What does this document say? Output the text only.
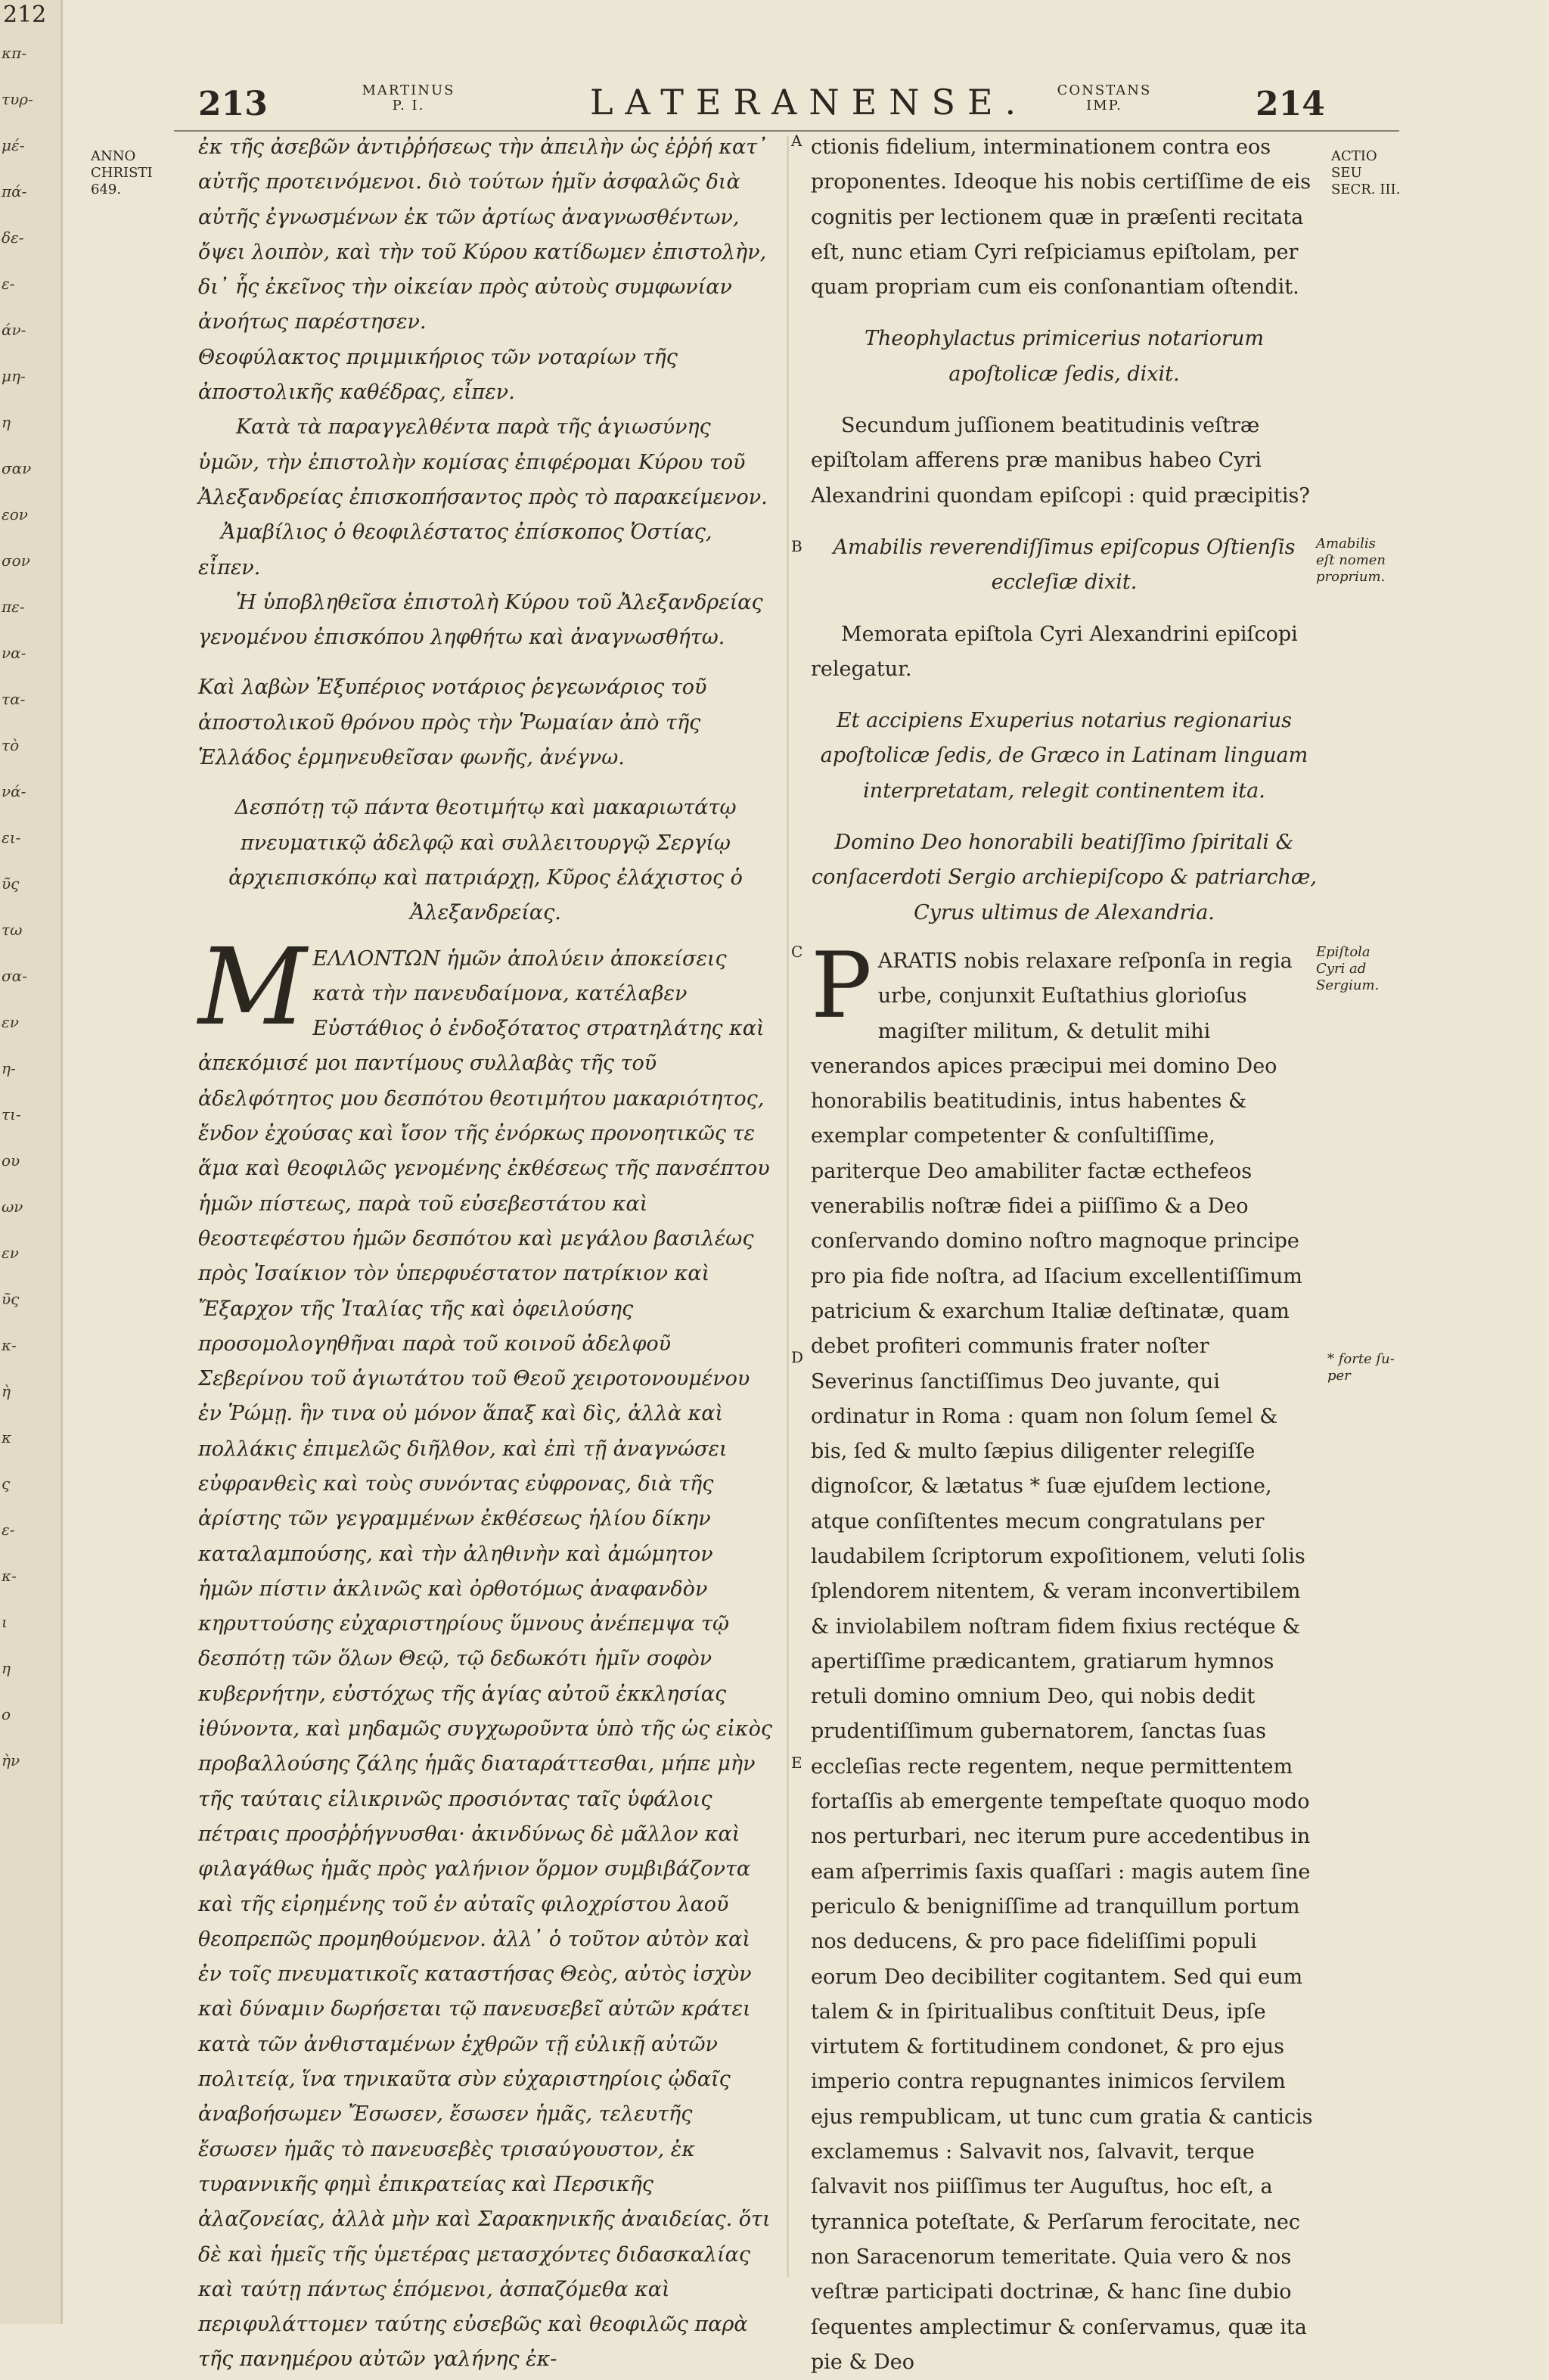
212
κπ-
τυρ-
μέ-
πά-
δε-
ε-
άν-
μη-
η
σαν
εον
σον
πε-
να-
τα-
τὸ
νά-
ει-
ῦς
τω
σα-
εν
η-
τι-
ου
ων
εν
ῦς
κ-
ὴ
κ
ς
ε-
κ-
ι
η
ο
ὴν
213	MARTINUS
P. I.	LATERANENSE.	CONSTANS
IMP.	214
ANNO
CHRISTI
649.
ACTIO
SEU
SECR. III.
Amabilis
eſt nomen
proprium.
Epiſtola
Cyri ad
Sergium.
* forte ſu-
per
A
B
C
D
E

ἐκ τῆς ἀσεβῶν ἀντιῤῥήσεως τὴν ἀπειλὴν ὡς ἐῤῥή κατ᾽ αὐτῆς προτεινόμενοι. διὸ τούτων ἡμῖν ἀσφαλῶς διὰ αὐτῆς ἐγνωσμένων ἐκ τῶν ἀρτίως ἀναγνωσθέντων, ὄψει λοιπὸν, καὶ τὴν τοῦ Κύρου κατίδωμεν ἐπιστολὴν, δι᾽ ἧς ἐκεῖνος τὴν οἰκείαν πρὸς αὐτοὺς συμφωνίαν ἀνοήτως παρέστησεν.

Θεοφύλακτος πριμμικήριος τῶν νοταρίων τῆς ἀποστολικῆς καθέδρας, εἶπεν.

Κατὰ τὰ παραγγελθέντα παρὰ τῆς ἁγιωσύνης ὑμῶν, τὴν ἐπιστολὴν κομίσας ἐπιφέρομαι Κύρου τοῦ Ἀλεξανδρείας ἐπισκοπήσαντος πρὸς τὸ παρακείμενον.

Ἀμαβίλιος ὁ θεοφιλέστατος ἐπίσκοπος Ὀστίας, εἶπεν.

Ἡ ὑποβληθεῖσα ἐπιστολὴ Κύρου τοῦ Ἀλεξανδρείας γενομένου ἐπισκόπου ληφθήτω καὶ ἀναγνωσθήτω.

Καὶ λαβὼν Ἐξυπέριος νοτάριος ῥεγεωνάριος τοῦ ἀποστολικοῦ θρόνου πρὸς τὴν Ῥωμαίαν ἀπὸ τῆς Ἑλλάδος ἑρμηνευθεῖσαν φωνῆς, ἀνέγνω.

Δεσπότῃ τῷ πάντα θεοτιμήτῳ καὶ μακαριωτάτῳ πνευματικῷ ἀδελφῷ καὶ συλλειτουργῷ Σεργίῳ ἀρχιεπισκόπῳ καὶ πατριάρχῃ, Κῦρος ἐλάχιστος ὁ Ἀλεξανδρείας.

MΕΛΛΟΝΤΩΝ ἡμῶν ἀπολύειν ἀποκείσεις κατὰ τὴν πανευδαίμονα, κατέλαβεν Εὐστάθιος ὁ ἐνδοξότατος στρατηλάτης καὶ ἀπεκόμισέ μοι παντίμους συλλαβὰς τῆς τοῦ ἀδελφότητος μου δεσπότου θεοτιμήτου μακαριότητος, ἔνδον ἐχούσας καὶ ἴσον τῆς ἐνόρκως προνοητικῶς τε ἅμα καὶ θεοφιλῶς γενομένης ἐκθέσεως τῆς πανσέπτου ἡμῶν πίστεως, παρὰ τοῦ εὐσεβεστάτου καὶ θεοστεφέστου ἡμῶν δεσπότου καὶ μεγάλου βασιλέως πρὸς Ἰσαίκιον τὸν ὑπερφυέστατον πατρίκιον καὶ Ἔξαρχον τῆς Ἰταλίας τῆς καὶ ὀφειλούσης προσομολογηθῆναι παρὰ τοῦ κοινοῦ ἀδελφοῦ Σεβερίνου τοῦ ἁγιωτάτου τοῦ Θεοῦ χειροτονουμένου ἐν Ῥώμῃ. ἣν τινα οὐ μόνον ἅπαξ καὶ δὶς, ἀλλὰ καὶ πολλάκις ἐπιμελῶς διῆλθον, καὶ ἐπὶ τῇ ἀναγνώσει εὐφρανθεὶς καὶ τοὺς συνόντας εὐφρονας, διὰ τῆς ἀρίστης τῶν γεγραμμένων ἐκθέσεως ἡλίου δίκην καταλαμπούσης, καὶ τὴν ἀληθινὴν καὶ ἀμώμητον ἡμῶν πίστιν ἀκλινῶς καὶ ὀρθοτόμως ἀναφανδὸν κηρυττούσης εὐχαριστηρίους ὕμνους ἀνέπεμψα τῷ δεσπότῃ τῶν ὅλων Θεῷ, τῷ δεδωκότι ἡμῖν σοφὸν κυβερνήτην, εὐστόχως τῆς ἁγίας αὐτοῦ ἐκκλησίας ἰθύνοντα, καὶ μηδαμῶς συγχωροῦντα ὑπὸ τῆς ὡς εἰκὸς προβαλλούσης ζάλης ἡμᾶς διαταράττεσθαι, μήπε μὴν τῆς ταύταις εἰλικρινῶς προσιόντας ταῖς ὑφάλοις πέτραις προσῤῥήγνυσθαι· ἀκινδύνως δὲ μᾶλλον καὶ φιλαγάθως ἡμᾶς πρὸς γαλήνιον ὅρμον συμβιβάζοντα καὶ τῆς εἰρημένης τοῦ ἐν αὐταῖς φιλοχρίστου λαοῦ θεοπρεπῶς προμηθούμενον. ἀλλ᾽ ὁ τοῦτον αὐτὸν καὶ ἐν τοῖς πνευματικοῖς καταστήσας Θεὸς, αὐτὸς ἰσχὺν καὶ δύναμιν δωρήσεται τῷ πανευσεβεῖ αὐτῶν κράτει κατὰ τῶν ἀνθισταμένων ἐχθρῶν τῇ εὐλικῇ αὐτῶν πολιτείᾳ, ἵνα τηνικαῦτα σὺν εὐχαριστηρίοις ᾠδαῖς ἀναβοήσωμεν Ἔσωσεν, ἔσωσεν ἡμᾶς, τελευτῆς ἔσωσεν ἡμᾶς τὸ πανευσεβὲς τρισαύγουστον, ἐκ τυραννικῆς φημὶ ἐπικρατείας καὶ Περσικῆς ἀλαζονείας, ἀλλὰ μὴν καὶ Σαρακηνικῆς ἀναιδείας. ὅτι δὲ καὶ ἡμεῖς τῆς ὑμετέρας μετασχόντες διδασκαλίας καὶ ταύτῃ πάντως ἑπόμενοι, ἀσπαζόμεθα καὶ περιφυλάττομεν ταύτης εὐσεβῶς καὶ θεοφιλῶς παρὰ τῆς πανημέρου αὐτῶν γαλήνης ἐκ-

ctionis fidelium, interminationem contra eos proponentes. Ideoque his nobis certiſſime de eis cognitis per lectionem quæ in præſenti recitata eſt, nunc etiam Cyri reſpiciamus epiſtolam, per quam propriam cum eis conſonantiam oſtendit.

Theophylactus primicerius notariorum apoſtolicæ ſedis, dixit.

Secundum juſſionem beatitudinis veſtræ epiſtolam afferens præ manibus habeo Cyri Alexandrini quondam epiſcopi : quid præcipitis?

Amabilis reverendiſſimus epiſcopus Oſtienſis eccleſiæ dixit.

Memorata epiſtola Cyri Alexandrini epiſcopi relegatur.

Et accipiens Exuperius notarius regionarius apoſtolicæ ſedis, de Græco in Latinam linguam interpretatam, relegit continentem ita.

Domino Deo honorabili beatiſſimo ſpiritali & conſacerdoti Sergio archiepiſcopo & patriarchæ, Cyrus ultimus de Alexandria.

PARATIS nobis relaxare reſponſa in regia urbe, conjunxit Euſtathius glorioſus magiſter militum, & detulit mihi venerandos apices præcipui mei domino Deo honorabilis beatitudinis, intus habentes & exemplar competenter & conſultiſſime, pariterque Deo amabiliter factæ ecthefeos venerabilis noſtræ fidei a piiſſimo & a Deo conſervando domino noſtro magnoque principe pro pia fide noſtra, ad Iſacium excellentiſſimum patricium & exarchum Italiæ deſtinatæ, quam debet profiteri communis frater noſter Severinus ſanctiſſimus Deo juvante, qui ordinatur in Roma : quam non ſolum ſemel & bis, ſed & multo ſæpius diligenter relegiſſe dignoſcor, & lætatus * ſuæ ejuſdem lectione, atque conſiſtentes mecum congratulans per laudabilem ſcriptorum expoſitionem, veluti ſolis ſplendorem nitentem, & veram inconvertibilem & inviolabilem noſtram fidem fixius rectéque & apertiſſime prædicantem, gratiarum hymnos retuli domino omnium Deo, qui nobis dedit prudentiſſimum gubernatorem, ſanctas ſuas eccleſias recte regentem, neque permittentem fortaſſis ab emergente tempeſtate quoquo modo nos perturbari, nec iterum pure accedentibus in eam aſperrimis ſaxis quaſſari : magis autem ſine periculo & benigniſſime ad tranquillum portum nos deducens, & pro pace fideliſſimi populi eorum Deo decibiliter cogitantem. Sed qui eum talem & in ſpiritualibus conſtituit Deus, ipſe virtutem & fortitudinem condonet, & pro ejus imperio contra repugnantes inimicos ſervilem ejus rempublicam, ut tunc cum gratia & canticis exclamemus : Salvavit nos, ſalvavit, terque ſalvavit nos piiſſimus ter Auguſtus, hoc eſt, a tyrannica poteſtate, & Perſarum ferocitate, nec non Saracenorum temeritate. Quia vero & nos veſtræ participati doctrinæ, & hanc ſine dubio ſequentes amplectimur & conſervamus, quæ ita pie & Deo
